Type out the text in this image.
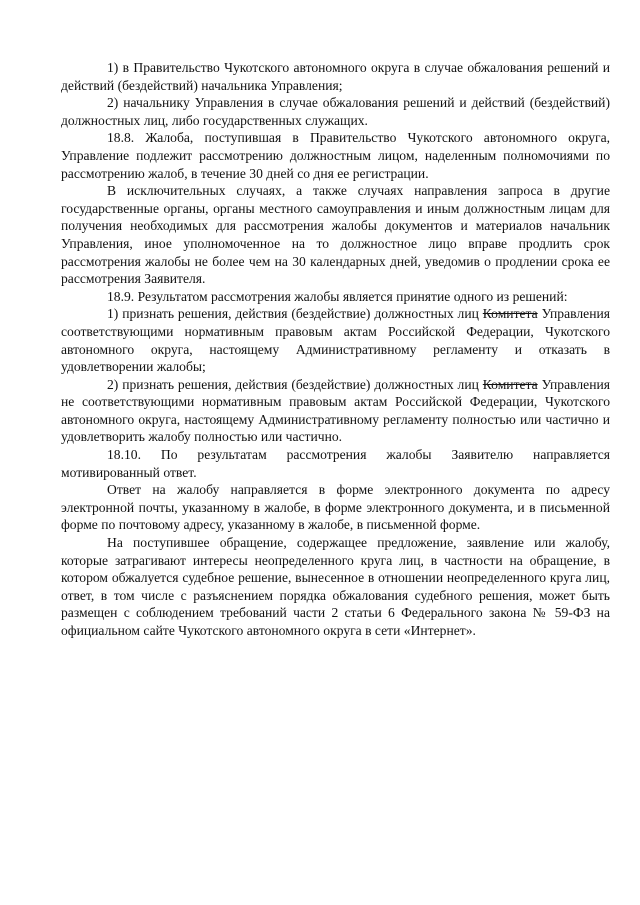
1) в Правительство Чукотского автономного округа в случае обжалования решений и действий (бездействий) начальника Управления;

2) начальнику Управления в случае обжалования решений и действий (бездействий) должностных лиц, либо государственных служащих.

18.8. Жалоба, поступившая в Правительство Чукотского автономного округа, Управление подлежит рассмотрению должностным лицом, наделенным полномочиями по рассмотрению жалоб, в течение 30 дней со дня ее регистрации.

В исключительных случаях, а также случаях направления запроса в другие государственные органы, органы местного самоуправления и иным должностным лицам для получения необходимых для рассмотрения жалобы документов и материалов начальник Управления, иное уполномоченное на то должностное лицо вправе продлить срок рассмотрения жалобы не более чем на 30 календарных дней, уведомив о продлении срока ее рассмотрения Заявителя.

18.9. Результатом рассмотрения жалобы является принятие одного из решений:

1) признать решения, действия (бездействие) должностных лиц Комитета Управления соответствующими нормативным правовым актам Российской Федерации, Чукотского автономного округа, настоящему Административному регламенту и отказать в удовлетворении жалобы;

2) признать решения, действия (бездействие) должностных лиц Комитета Управления не соответствующими нормативным правовым актам Российской Федерации, Чукотского автономного округа, настоящему Административному регламенту полностью или частично и удовлетворить жалобу полностью или частично.

18.10. По результатам рассмотрения жалобы Заявителю направляется мотивированный ответ.

Ответ на жалобу направляется в форме электронного документа по адресу электронной почты, указанному в жалобе, в форме электронного документа, и в письменной форме по почтовому адресу, указанному в жалобе, в письменной форме.

На поступившее обращение, содержащее предложение, заявление или жалобу, которые затрагивают интересы неопределенного круга лиц, в частности на обращение, в котором обжалуется судебное решение, вынесенное в отношении неопределенного круга лиц, ответ, в том числе с разъяснением порядка обжалования судебного решения, может быть размещен с соблюдением требований части 2 статьи 6 Федерального закона № 59-ФЗ на официальном сайте Чукотского автономного округа в сети «Интернет».
